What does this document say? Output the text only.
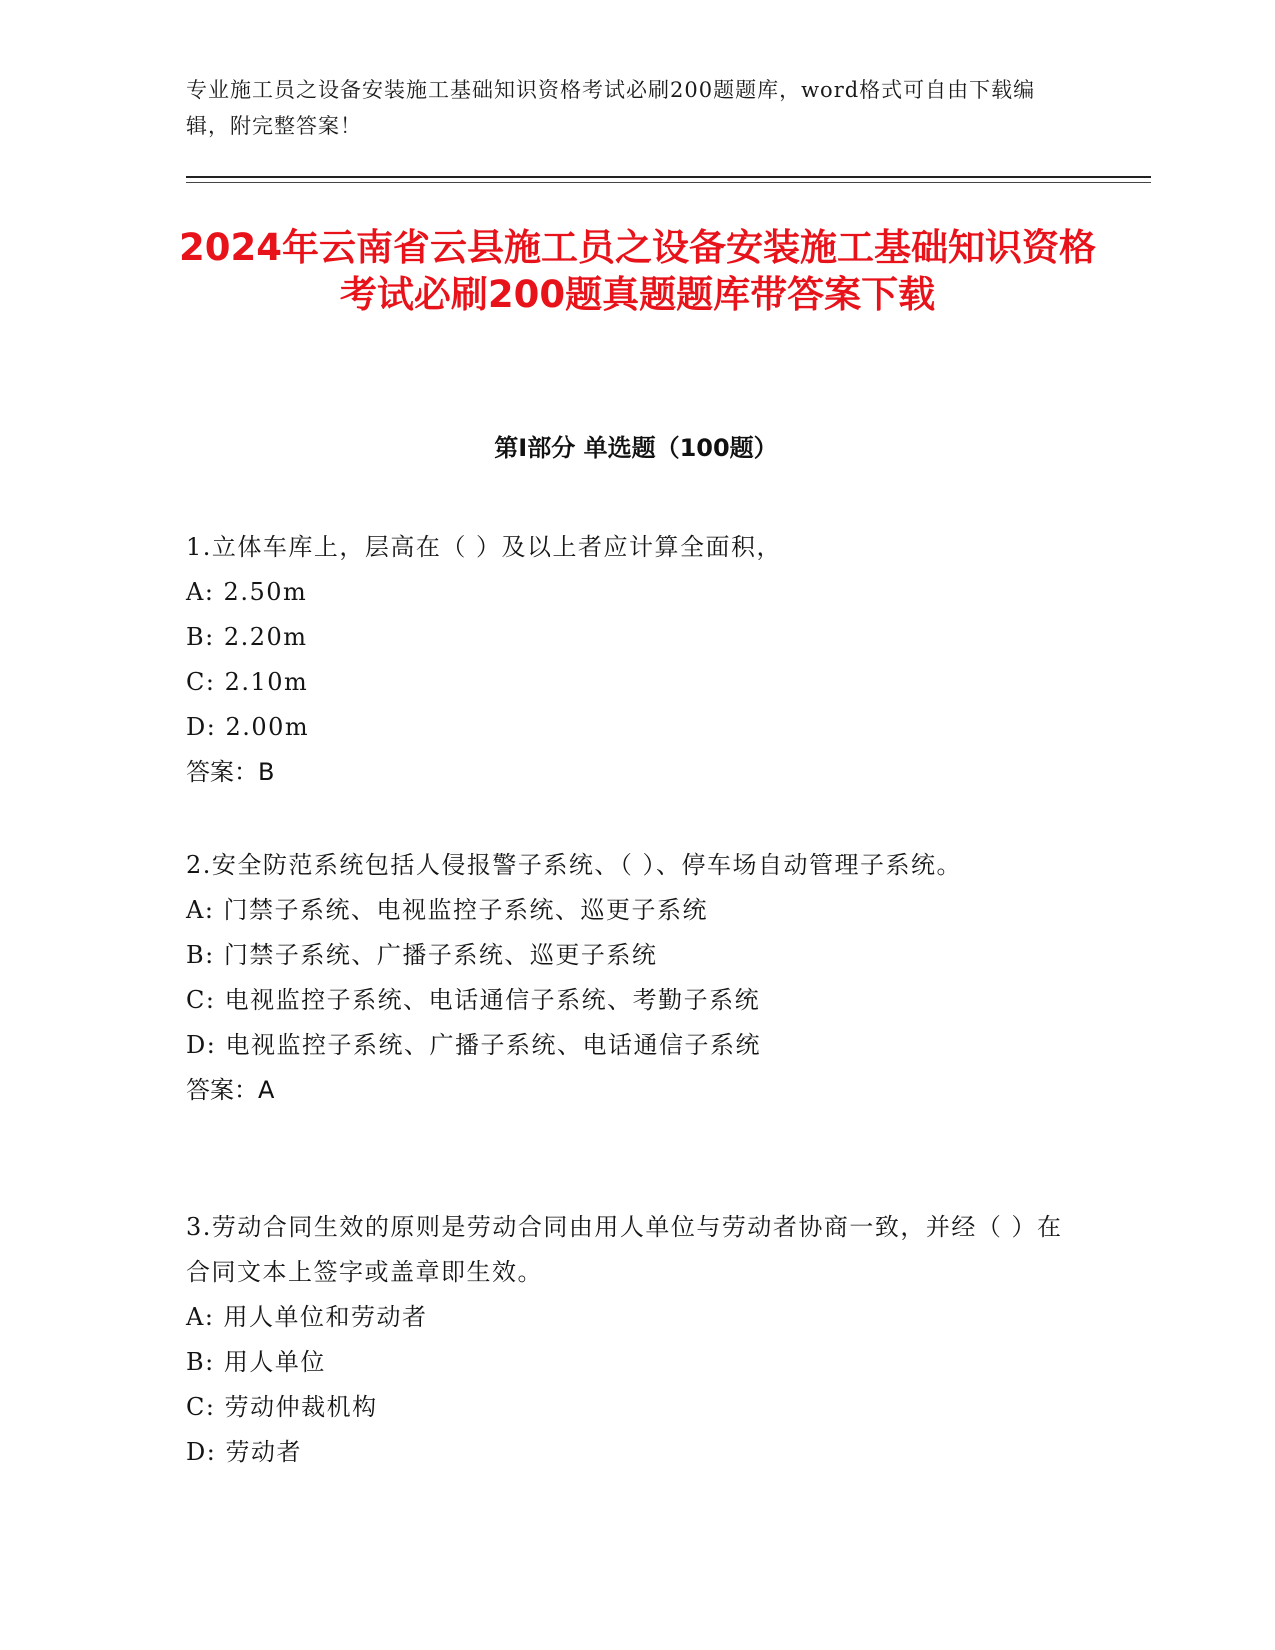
专业施工员之设备安装施工基础知识资格考试必刷200题题库，word格式可自由下载编辑，附完整答案！
2024年云南省云县施工员之设备安装施工基础知识资格考试必刷200题真题题库带答案下载
第I部分 单选题（100题）
1.立体车库上，层高在（ ）及以上者应计算全面积，
A: 2.50m
B: 2.20m
C: 2.10m
D: 2.00m
答案：B
2.安全防范系统包括人侵报警子系统、（ ）、停车场自动管理子系统。
A: 门禁子系统、电视监控子系统、巡更子系统
B: 门禁子系统、广播子系统、巡更子系统
C: 电视监控子系统、电话通信子系统、考勤子系统
D: 电视监控子系统、广播子系统、电话通信子系统
答案：A
3.劳动合同生效的原则是劳动合同由用人单位与劳动者协商一致，并经（ ）在合同文本上签字或盖章即生效。
A: 用人单位和劳动者
B: 用人单位
C: 劳动仲裁机构
D: 劳动者
